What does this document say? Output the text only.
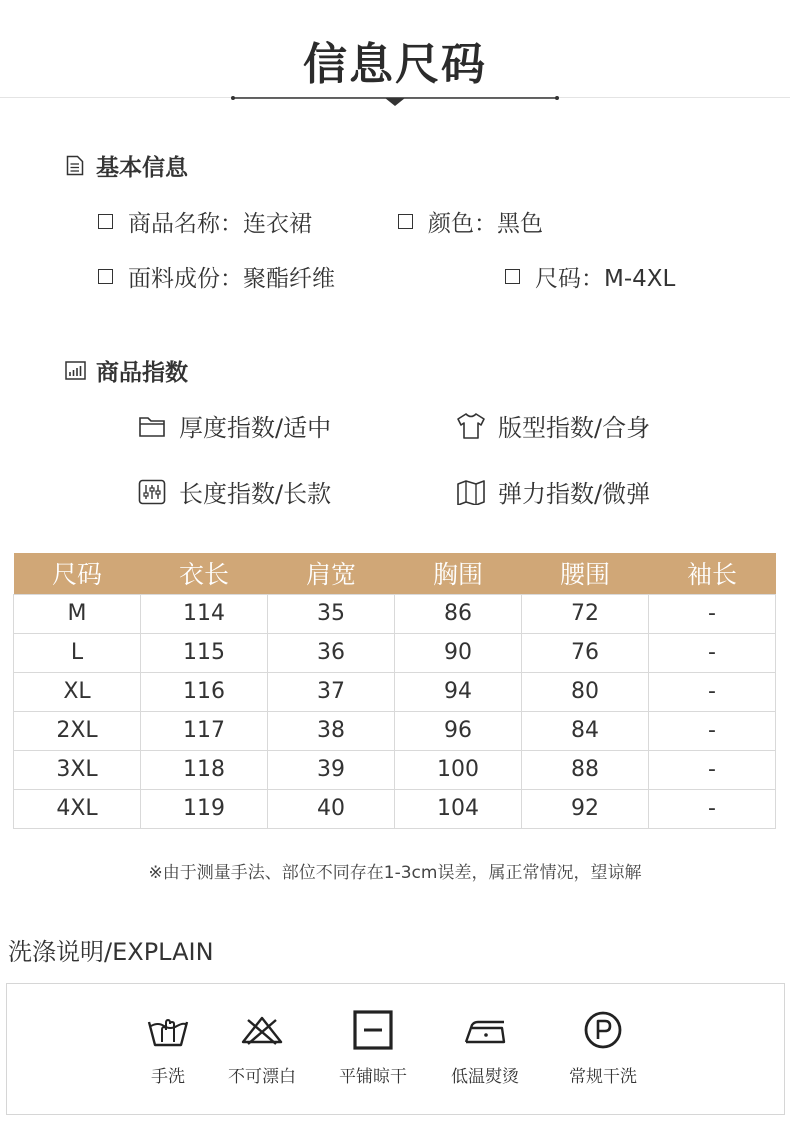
信息尺码
基本信息
商品名称：连衣裙	颜色：黑色
面料成份：聚酯纤维	尺码：M-4XL
商品指数
厚度指数/适中	版型指数/合身
长度指数/长款	弹力指数/微弹
尺码	衣长	肩宽	胸围	腰围	袖长
M	114	35	86	72	-
L	115	36	90	76	-
XL	116	37	94	80	-
2XL	117	38	96	84	-
3XL	118	39	100	88	-
4XL	119	40	104	92	-
※由于测量手法、部位不同存在1-3cm误差，属正常情况，望谅解
洗涤说明/EXPLAIN
手洗	不可漂白	平铺晾干	低温熨烫	常规干洗
